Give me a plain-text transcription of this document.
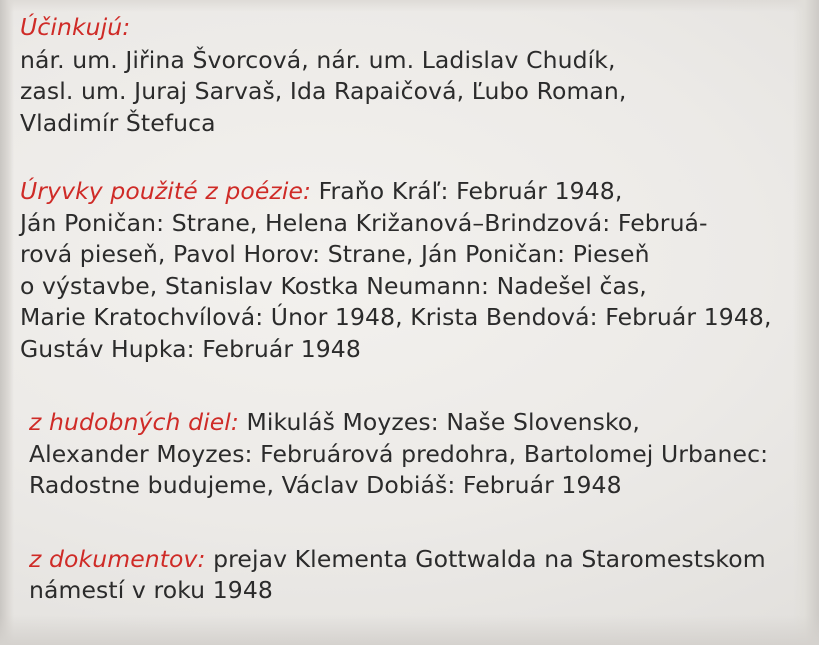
Účinkujú:
nár. um. Jiřina Švorcová, nár. um. Ladislav Chudík,
zasl. um. Juraj Sarvaš, Ida Rapaičová, Ľubo Roman,
Vladimír Štefuca
Úryvky použité z poézie: Fraňo Kráľ: Február 1948,
Ján Poničan: Strane, Helena Križanová–Brindzová: Februá-
rová pieseň, Pavol Horov: Strane, Ján Poničan: Pieseň
o výstavbe, Stanislav Kostka Neumann: Nadešel čas,
Marie Kratochvílová: Únor 1948, Krista Bendová: Február 1948,
Gustáv Hupka: Február 1948
z hudobných diel: Mikuláš Moyzes: Naše Slovensko,
Alexander Moyzes: Februárová predohra, Bartolomej Urbanec:
Radostne budujeme, Václav Dobiáš: Február 1948
z dokumentov: prejav Klementa Gottwalda na Staromestskom
námestí v roku 1948
